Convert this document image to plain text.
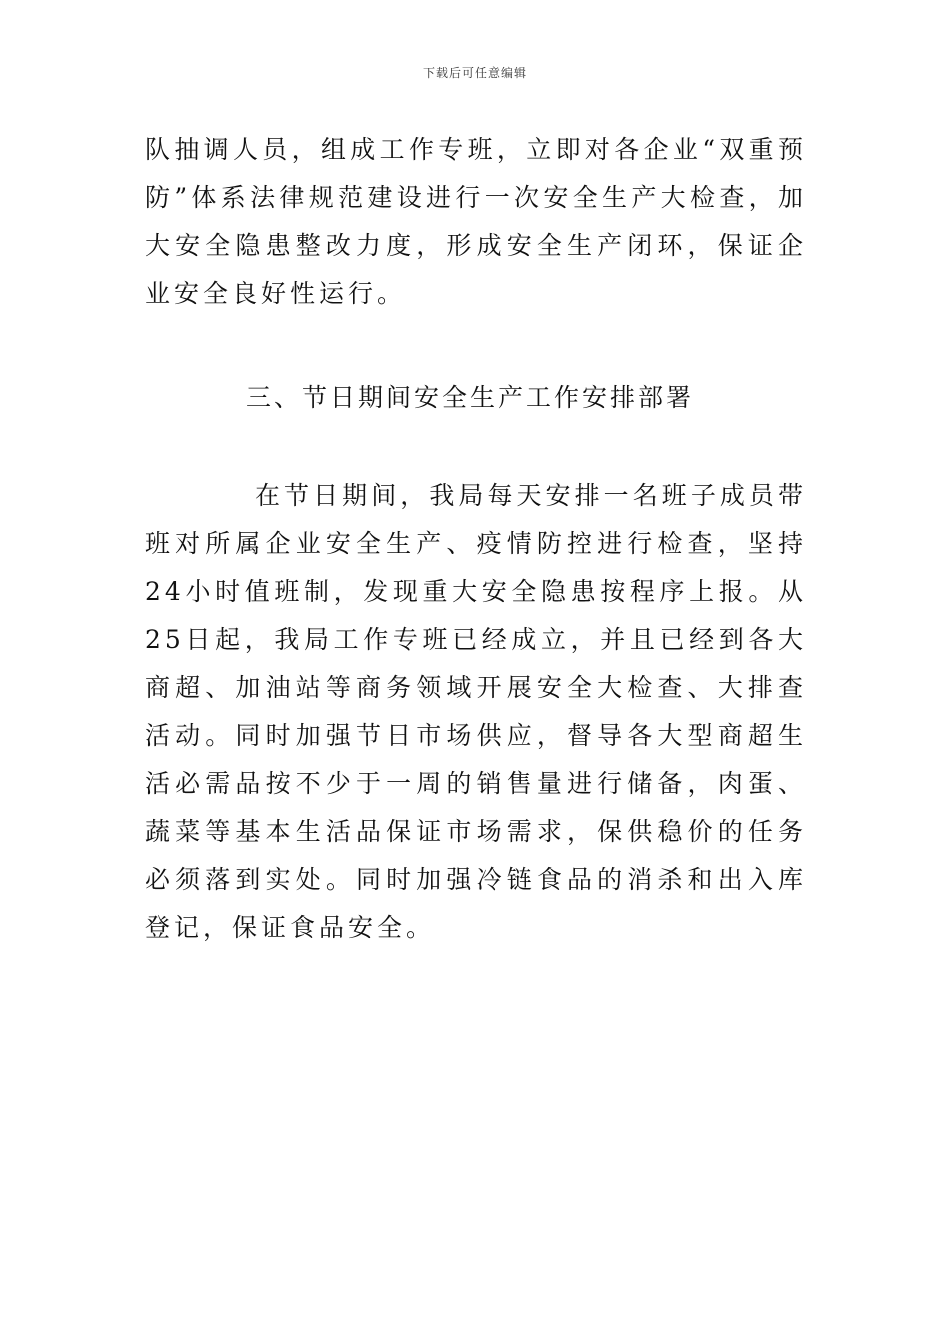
下载后可任意编辑

队抽调人员，组成工作专班，立即对各企业“双重预防”体系法律规范建设进行一次安全生产大检查，加大安全隐患整改力度，形成安全生产闭环，保证企业安全良好性运行。

三、节日期间安全生产工作安排部署

在节日期间，我局每天安排一名班子成员带班对所属企业安全生产、疫情防控进行检查，坚持24小时值班制，发现重大安全隐患按程序上报。从25日起，我局工作专班已经成立，并且已经到各大商超、加油站等商务领域开展安全大检查、大排查活动。同时加强节日市场供应，督导各大型商超生活必需品按不少于一周的销售量进行储备，肉蛋、蔬菜等基本生活品保证市场需求，保供稳价的任务必须落到实处。同时加强冷链食品的消杀和出入库登记，保证食品安全。
